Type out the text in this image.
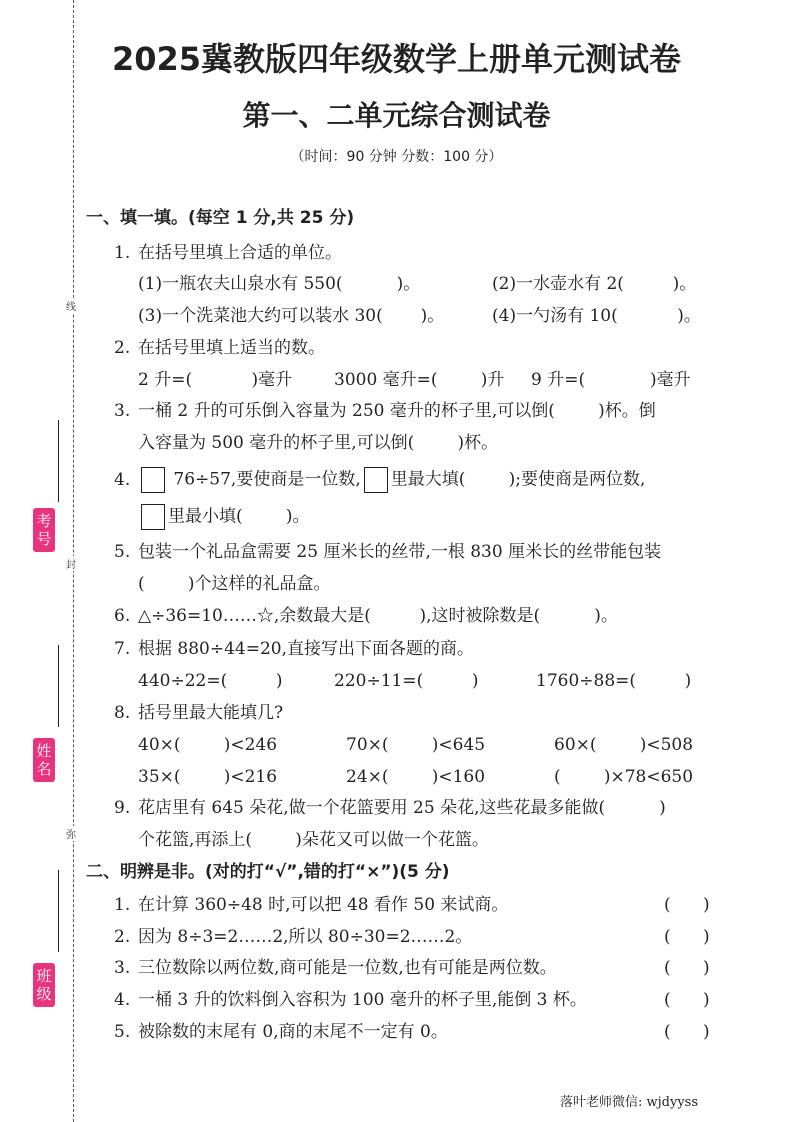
线
封
弥
考号
姓名
班级
2025冀教版四年级数学上册单元测试卷
第一、二单元综合测试卷
（时间：90 分钟 分数：100 分）
一、填一填。(每空 1 分,共 25 分)
1. 在括号里填上合适的单位。
(1)一瓶农夫山泉水有 550(          )。	(2)一水壶水有 2(         )。
(3)一个洗菜池大约可以装水 30(       )。	(4)一勺汤有 10(           )。
2. 在括号里填上适当的数。
2 升=(           )毫升 3000 毫升=(        )升 9 升=(            )毫升
3. 一桶 2 升的可乐倒入容量为 250 毫升的杯子里,可以倒(        )杯。倒
入容量为 500 毫升的杯子里,可以倒(        )杯。
4.	76÷57,要使商是一位数, 里最大填(        );要使商是两位数,
里最小填(        )。
5. 包装一个礼品盒需要 25 厘米长的丝带,一根 830 厘米长的丝带能包装
(        )个这样的礼品盒。
6. △÷36=10……☆,余数最大是(         ),这时被除数是(          )。
7. 根据 880÷44=20,直接写出下面各题的商。
440÷22=(         )	220÷11=(         )	1760÷88=(         )
8. 括号里最大能填几?
40×(        )<246	70×(        )<645	60×(        )<508
35×(        )<216	24×(        )<160	(        )×78<650
9. 花店里有 645 朵花,做一个花篮要用 25 朵花,这些花最多能做(          )
个花篮,再添上(        )朵花又可以做一个花篮。
二、明辨是非。(对的打“√”,错的打“×”)(5 分)
1. 在计算 360÷48 时,可以把 48 看作 50 来试商。	(      )
2. 因为 8÷3=2……2,所以 80÷30=2……2。	(      )
3. 三位数除以两位数,商可能是一位数,也有可能是两位数。	(      )
4. 一桶 3 升的饮料倒入容积为 100 毫升的杯子里,能倒 3 杯。	(      )
5. 被除数的末尾有 0,商的末尾不一定有 0。	(      )
落叶老师微信: wjdyyss
